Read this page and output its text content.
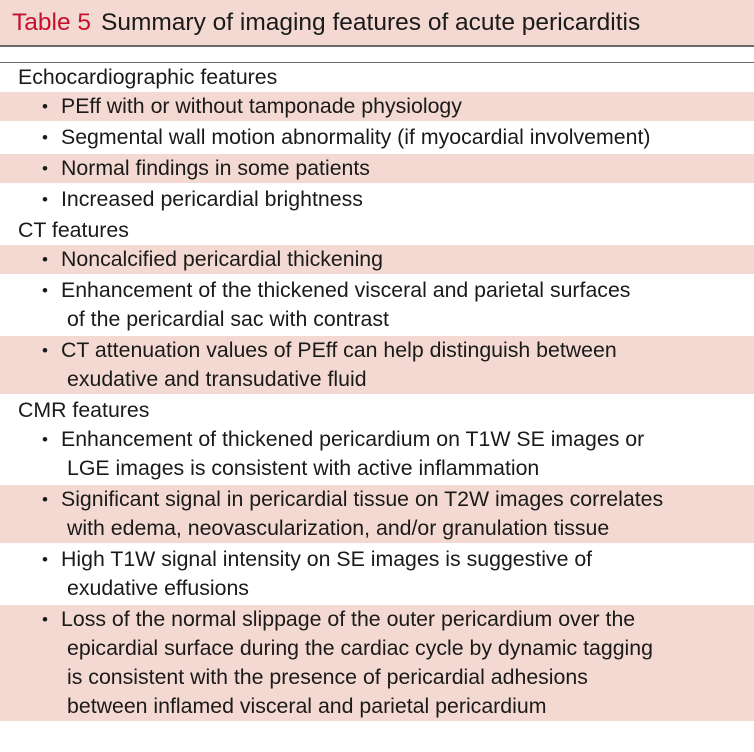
Table 5 Summary of imaging features of acute pericarditis
Echocardiographic features
• PEff with or without tamponade physiology
• Segmental wall motion abnormality (if myocardial involvement)
• Normal findings in some patients
• Increased pericardial brightness
CT features
• Noncalcified pericardial thickening
• Enhancement of the thickened visceral and parietal surfaces
of the pericardial sac with contrast
• CT attenuation values of PEff can help distinguish between
exudative and transudative fluid
CMR features
• Enhancement of thickened pericardium on T1W SE images or
LGE images is consistent with active inflammation
• Significant signal in pericardial tissue on T2W images correlates
with edema, neovascularization, and/or granulation tissue
• High T1W signal intensity on SE images is suggestive of
exudative effusions
• Loss of the normal slippage of the outer pericardium over the
epicardial surface during the cardiac cycle by dynamic tagging
is consistent with the presence of pericardial adhesions
between inflamed visceral and parietal pericardium
